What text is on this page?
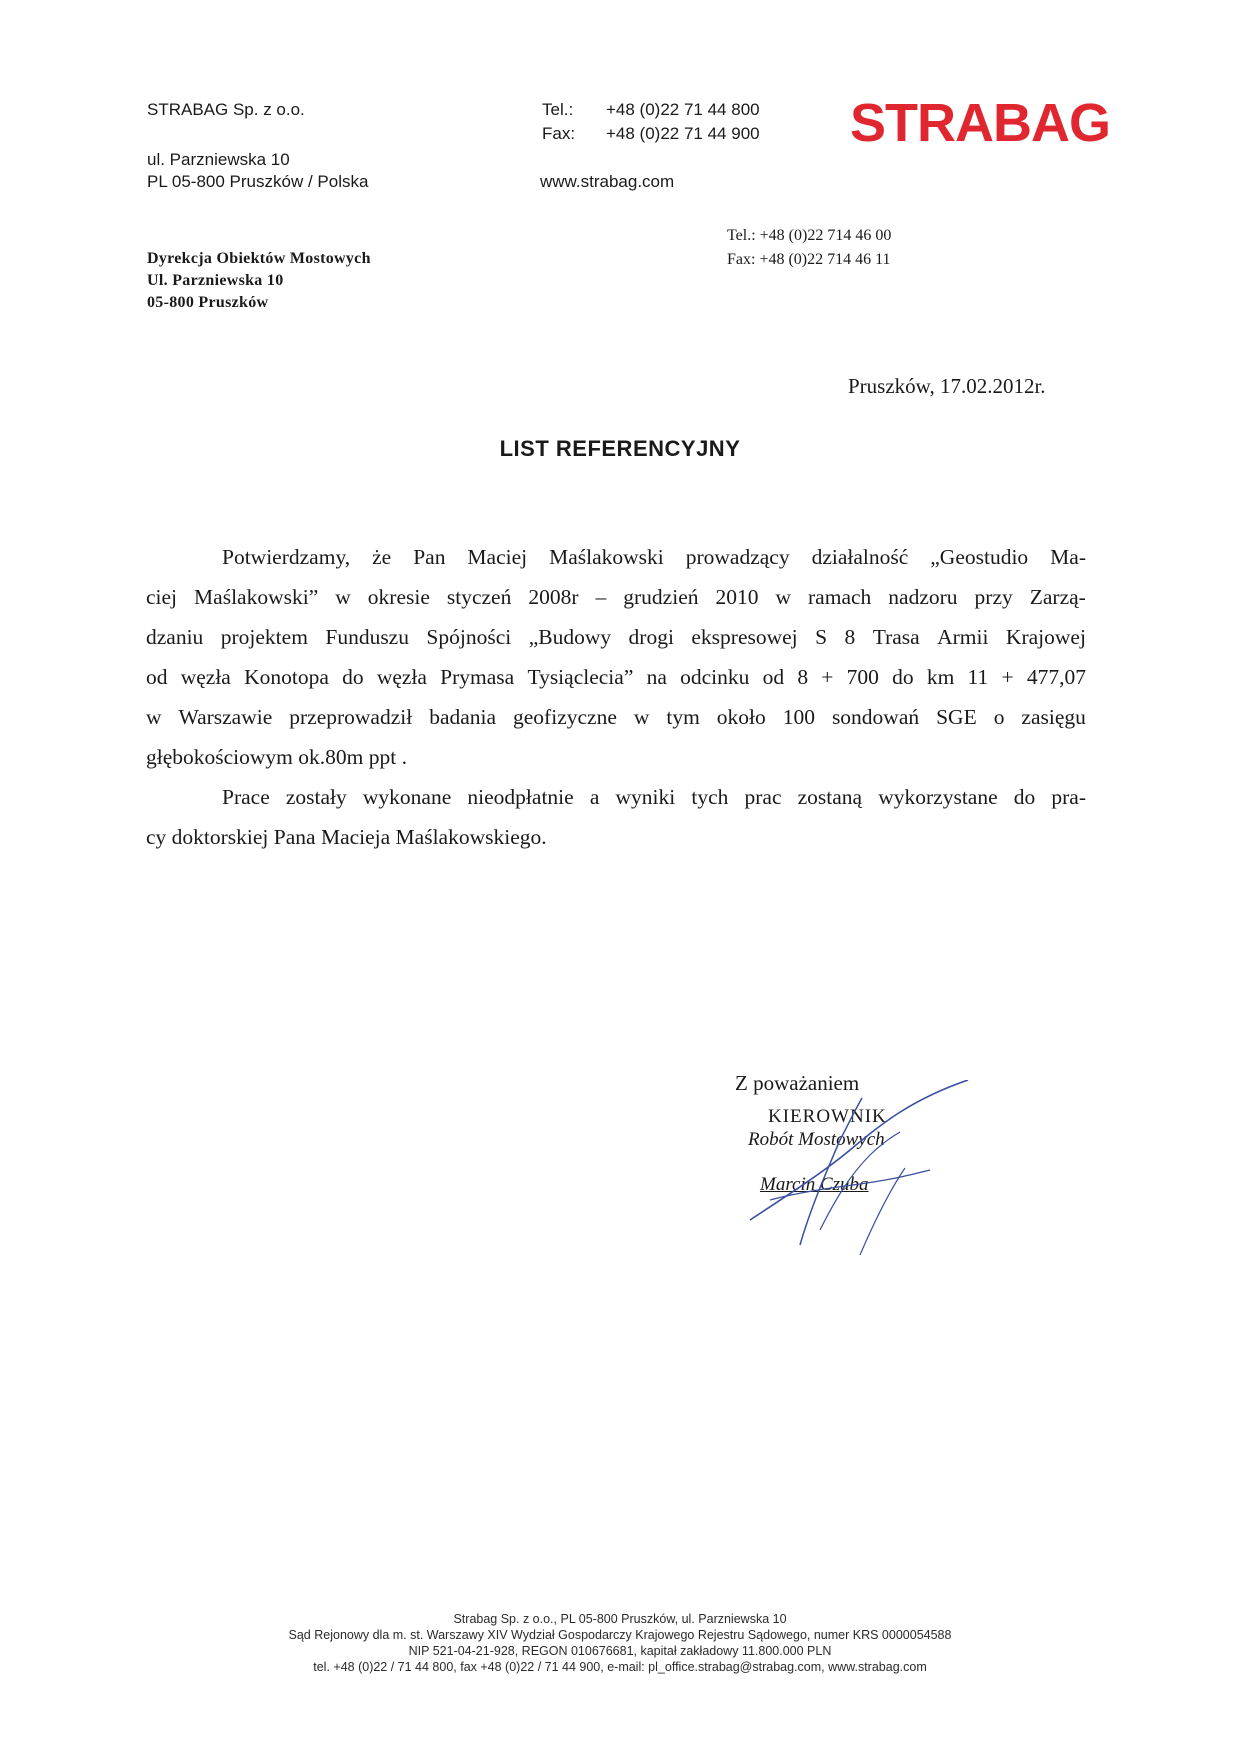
STRABAG Sp. z o.o.
ul. Parzniewska 10
PL 05-800 Pruszków / Polska
Tel.: +48 (0)22 71 44 800
Fax: +48 (0)22 71 44 900
www.strabag.com
STRABAG
Dyrekcja Obiektów Mostowych
Ul. Parzniewska 10
05-800 Pruszków
Tel.: +48 (0)22 714 46 00
Fax: +48 (0)22 714 46 11
Pruszków, 17.02.2012r.
LIST REFERENCYJNY
Potwierdzamy, że Pan Maciej Maślakowski prowadzący działalność „Geostudio Ma-
ciej Maślakowski” w okresie styczeń 2008r – grudzień 2010 w ramach nadzoru przy Zarzą-
dzaniu projektem Funduszu Spójności „Budowy drogi ekspresowej S 8 Trasa Armii Krajowej
od węzła Konotopa do węzła Prymasa Tysiąclecia” na odcinku od 8 + 700 do km 11 + 477,07
w Warszawie przeprowadził badania geofizyczne w tym około 100 sondowań SGE o zasięgu
głębokościowym ok.80m ppt .
Prace zostały wykonane nieodpłatnie a wyniki tych prac zostaną wykorzystane do pra-
cy doktorskiej Pana Macieja Maślakowskiego.
Z poważaniem
KIEROWNIK
Robót Mostowych
Marcin Czuba
Strabag Sp. z o.o., PL 05-800 Pruszków, ul. Parzniewska 10
Sąd Rejonowy dla m. st. Warszawy XIV Wydział Gospodarczy Krajowego Rejestru Sądowego, numer KRS 0000054588
NIP 521-04-21-928, REGON 010676681, kapitał zakładowy 11.800.000 PLN
tel. +48 (0)22 / 71 44 800, fax +48 (0)22 / 71 44 900, e-mail: pl_office.strabag@strabag.com, www.strabag.com
